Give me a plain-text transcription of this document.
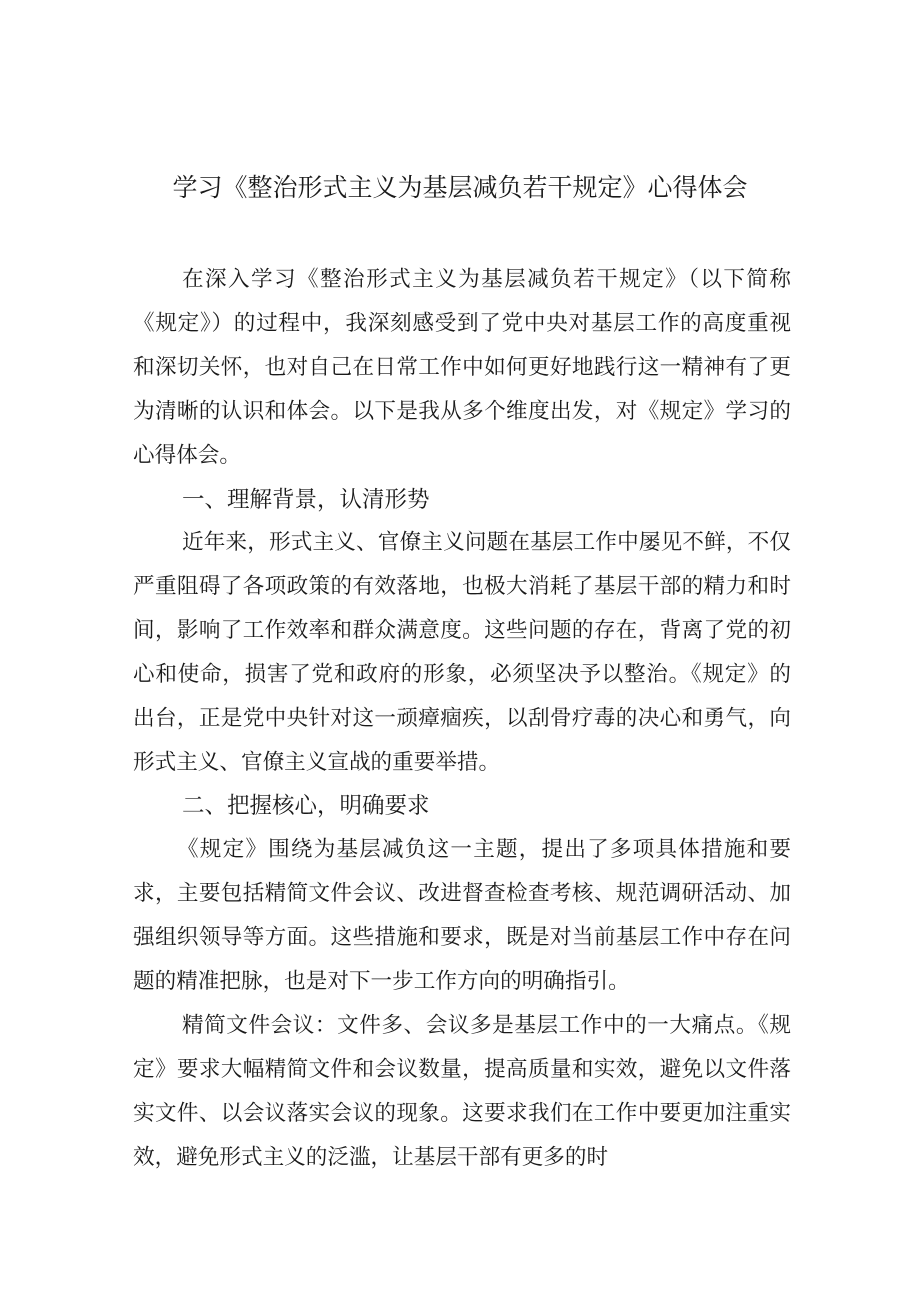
学习《整治形式主义为基层减负若干规定》心得体会

在深入学习《整治形式主义为基层减负若干规定》（以下简称《规定》）的过程中，我深刻感受到了党中央对基层工作的高度重视和深切关怀，也对自己在日常工作中如何更好地践行这一精神有了更为清晰的认识和体会。以下是我从多个维度出发，对《规定》学习的心得体会。

一、理解背景，认清形势

近年来，形式主义、官僚主义问题在基层工作中屡见不鲜，不仅严重阻碍了各项政策的有效落地，也极大消耗了基层干部的精力和时间，影响了工作效率和群众满意度。这些问题的存在，背离了党的初心和使命，损害了党和政府的形象，必须坚决予以整治。《规定》的出台，正是党中央针对这一顽瘴痼疾，以刮骨疗毒的决心和勇气，向形式主义、官僚主义宣战的重要举措。

二、把握核心，明确要求

《规定》围绕为基层减负这一主题，提出了多项具体措施和要求，主要包括精简文件会议、改进督查检查考核、规范调研活动、加强组织领导等方面。这些措施和要求，既是对当前基层工作中存在问题的精准把脉，也是对下一步工作方向的明确指引。

精简文件会议：文件多、会议多是基层工作中的一大痛点。《规定》要求大幅精简文件和会议数量，提高质量和实效，避免以文件落实文件、以会议落实会议的现象。这要求我们在工作中要更加注重实效，避免形式主义的泛滥，让基层干部有更多的时
